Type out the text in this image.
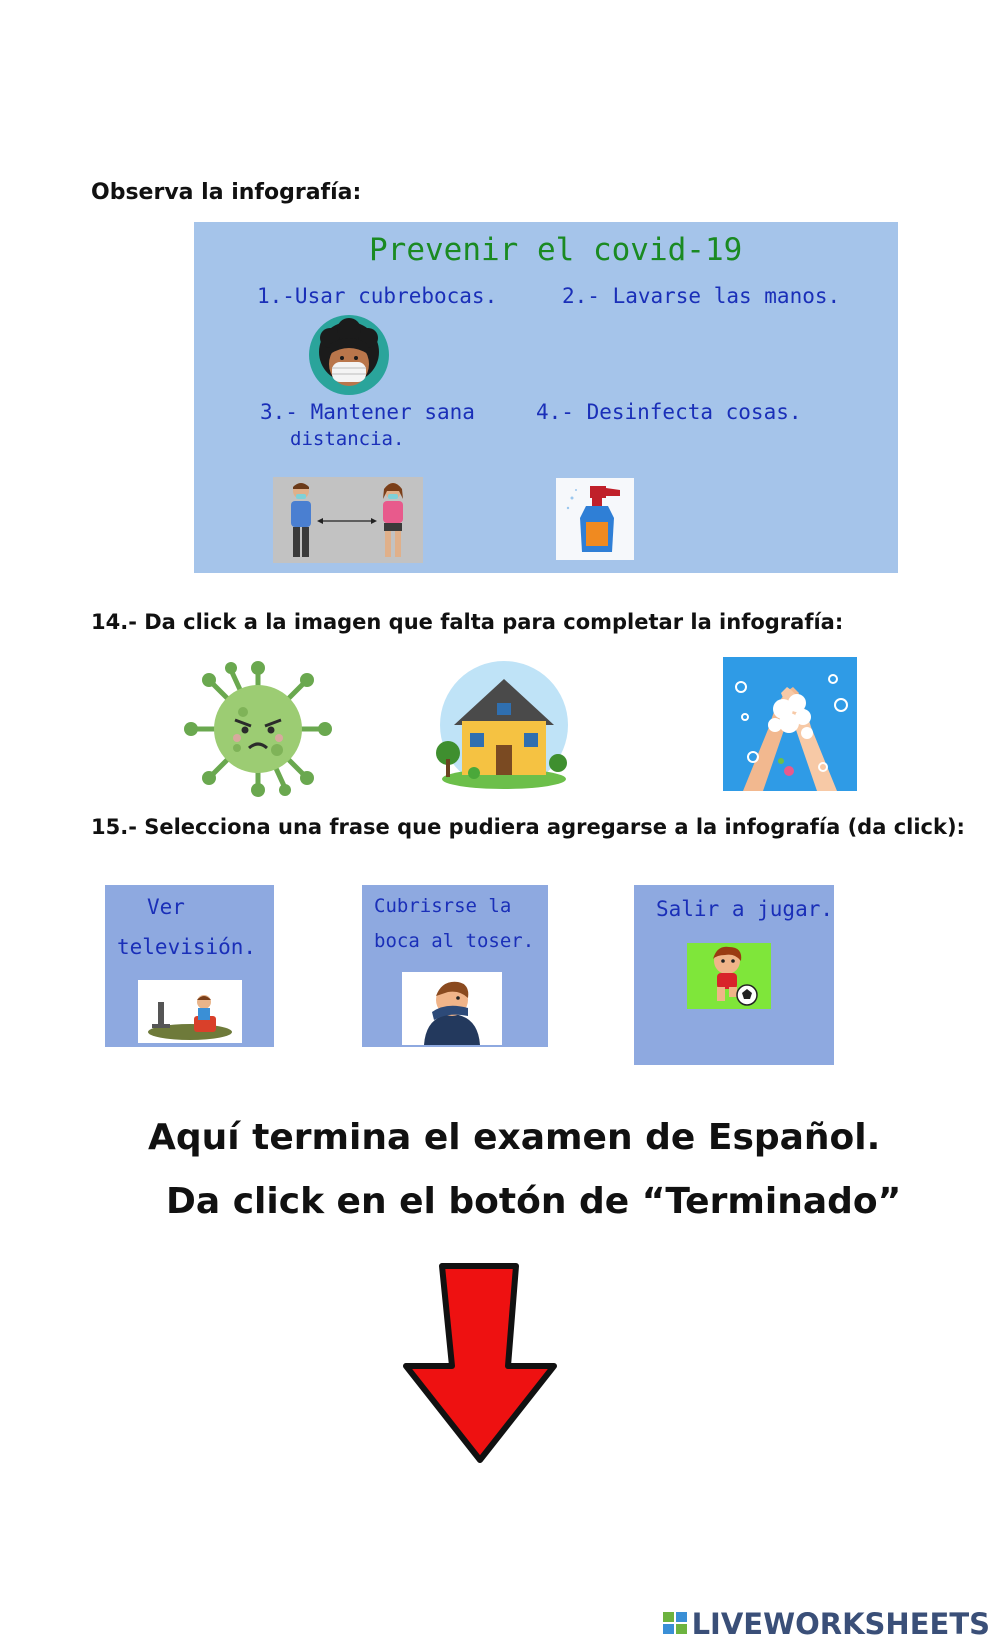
Observa la infografía:
Prevenir el covid-19
1.-Usar cubrebocas.	2.- Lavarse las manos.
3.- Mantener sana
distancia.
4.- Desinfecta cosas.
14.- Da click a la imagen que falta para completar la infografía:
15.- Selecciona una frase que pudiera agregarse a la infografía (da click):
Ver
televisión.
Cubrisrse la
boca al toser.
Salir a jugar.
Aquí termina el examen de Español.
Da click en el botón de “Terminado”
LIVEWORKSHEETS
